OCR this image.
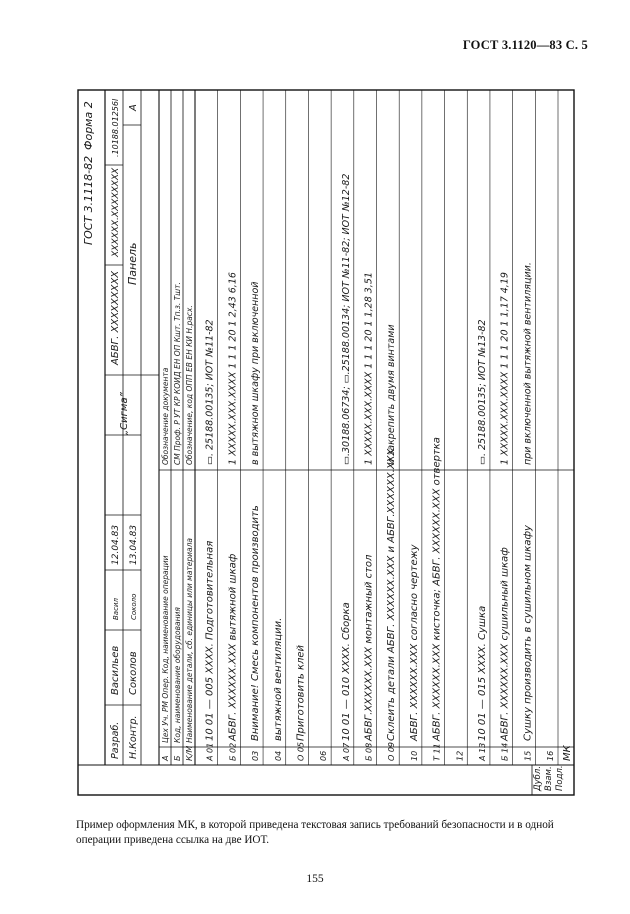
ГОСТ 3.1120—83 С. 5
Дубл. Взам. Подл.
ГОСТ 3.1118-82
Форма 2
А
Цех Уч. РМ Опер. Код, наименование операции
Обозначение документа
Б
Код, наименование оборудования
СМ Проф. Р УТ КР КОИД ЕН ОП Кшт. Тп.з. Тшт.
К/М
Наименование детали, сб. единицы или материала
Обозначение, код ОПП ЕВ ЕН КИ Н.расх.
МК
Разраб. Н.Контр.
Васильев Соколов
Васил Соколо
12.04.83 13.04.83
„Сигма”
АБВГ. XXXXXXXXX
XXXXXX.XXXXXXXX
.10188.01256I
Панель
А
А 01
10 01 — 005 XXXX. Подготовительная
▭. 25188.00135; ИОТ №11-82
Б 02
АБВГ. XXXXXX.XXX вытяжной шкаф
1 XXXXX.XXX.XXXX 1 1 1 20 1 2,43 6,16
03
Внимание! Смесь компонентов производить
в вытяжном шкафу при включенной
04
вытяжной вентиляции.
О 05
Приготовить клей
06 А 07
10 01 — 010 XXXX. Сборка
▭.30188.06734; ▭.25188.00134; ИОТ №11-82; ИОТ №12-82
Б 08
АБВГ.XXXXXX.XXX монтажный стол
1 XXXXX.XXX.XXXX 1 1 1 20 1 1,28 3,51
О 09
Склеить детали АБВГ. XXXXXX.XXX и АБВГ.XXXXXX.XXX
и закрепить двумя винтами
10
АБВГ. XXXXXX.XXX согласно чертежу
Т 11
АБВГ. XXXXXX.XXX кисточка; АБВГ. XXXXXX.XXX отвертка
12 А 13
10 01 — 015 XXXX. Сушка
▭. 25188.00135; ИОТ №13-82
Б 14
АБВГ. XXXXXX.XXX сушильный шкаф
1 XXXXX.XXX.XXXX 1 1 1 20 1 1,17 4,19
15
Сушку производить в сушильном шкафу
при включенной вытяжной вентиляции.
16
Пример оформления МК, в которой приведена текстовая запись требований безопасности и в одной операции приведена ссылка на две ИОТ.
155
